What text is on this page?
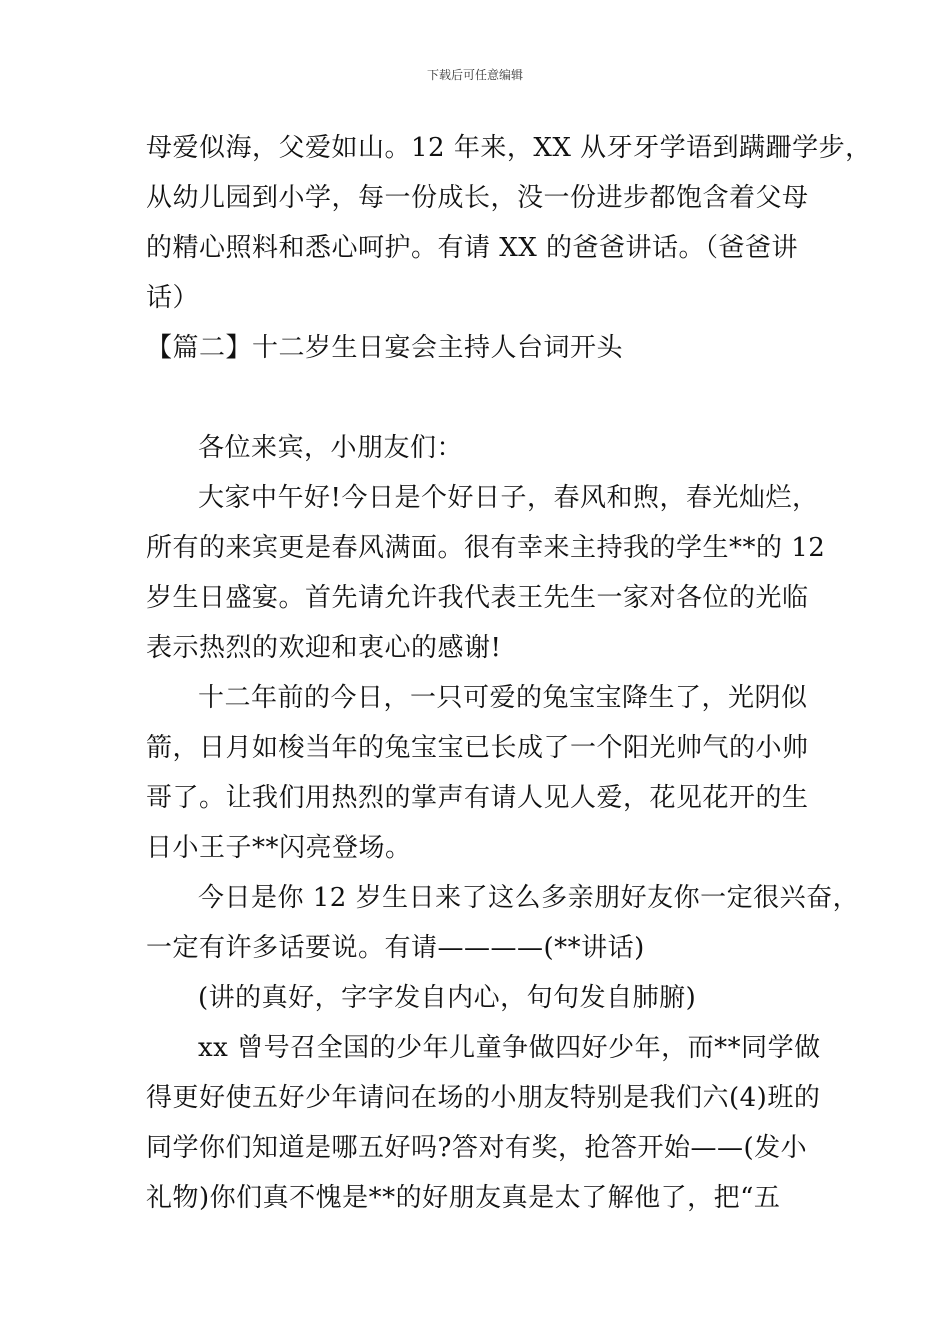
下载后可任意编辑
母爱似海，父爱如山。12 年来，XX 从牙牙学语到蹒跚学步，
从幼儿园到小学，每一份成长，没一份进步都饱含着父母
的精心照料和悉心呵护。有请 XX 的爸爸讲话。（爸爸讲
话）
【篇二】十二岁生日宴会主持人台词开头
各位来宾，小朋友们：
大家中午好!今日是个好日子，春风和煦，春光灿烂，
所有的来宾更是春风满面。很有幸来主持我的学生**的 12
岁生日盛宴。首先请允许我代表王先生一家对各位的光临
表示热烈的欢迎和衷心的感谢!
十二年前的今日，一只可爱的兔宝宝降生了，光阴似
箭，日月如梭当年的兔宝宝已长成了一个阳光帅气的小帅
哥了。让我们用热烈的掌声有请人见人爱，花见花开的生
日小王子**闪亮登场。
今日是你 12 岁生日来了这么多亲朋好友你一定很兴奋，
一定有许多话要说。有请————(**讲话)
(讲的真好，字字发自内心，句句发自肺腑)
xx 曾号召全国的少年儿童争做四好少年，而**同学做
得更好使五好少年请问在场的小朋友特别是我们六(4)班的
同学你们知道是哪五好吗?答对有奖，抢答开始——(发小
礼物)你们真不愧是**的好朋友真是太了解他了，把“五
